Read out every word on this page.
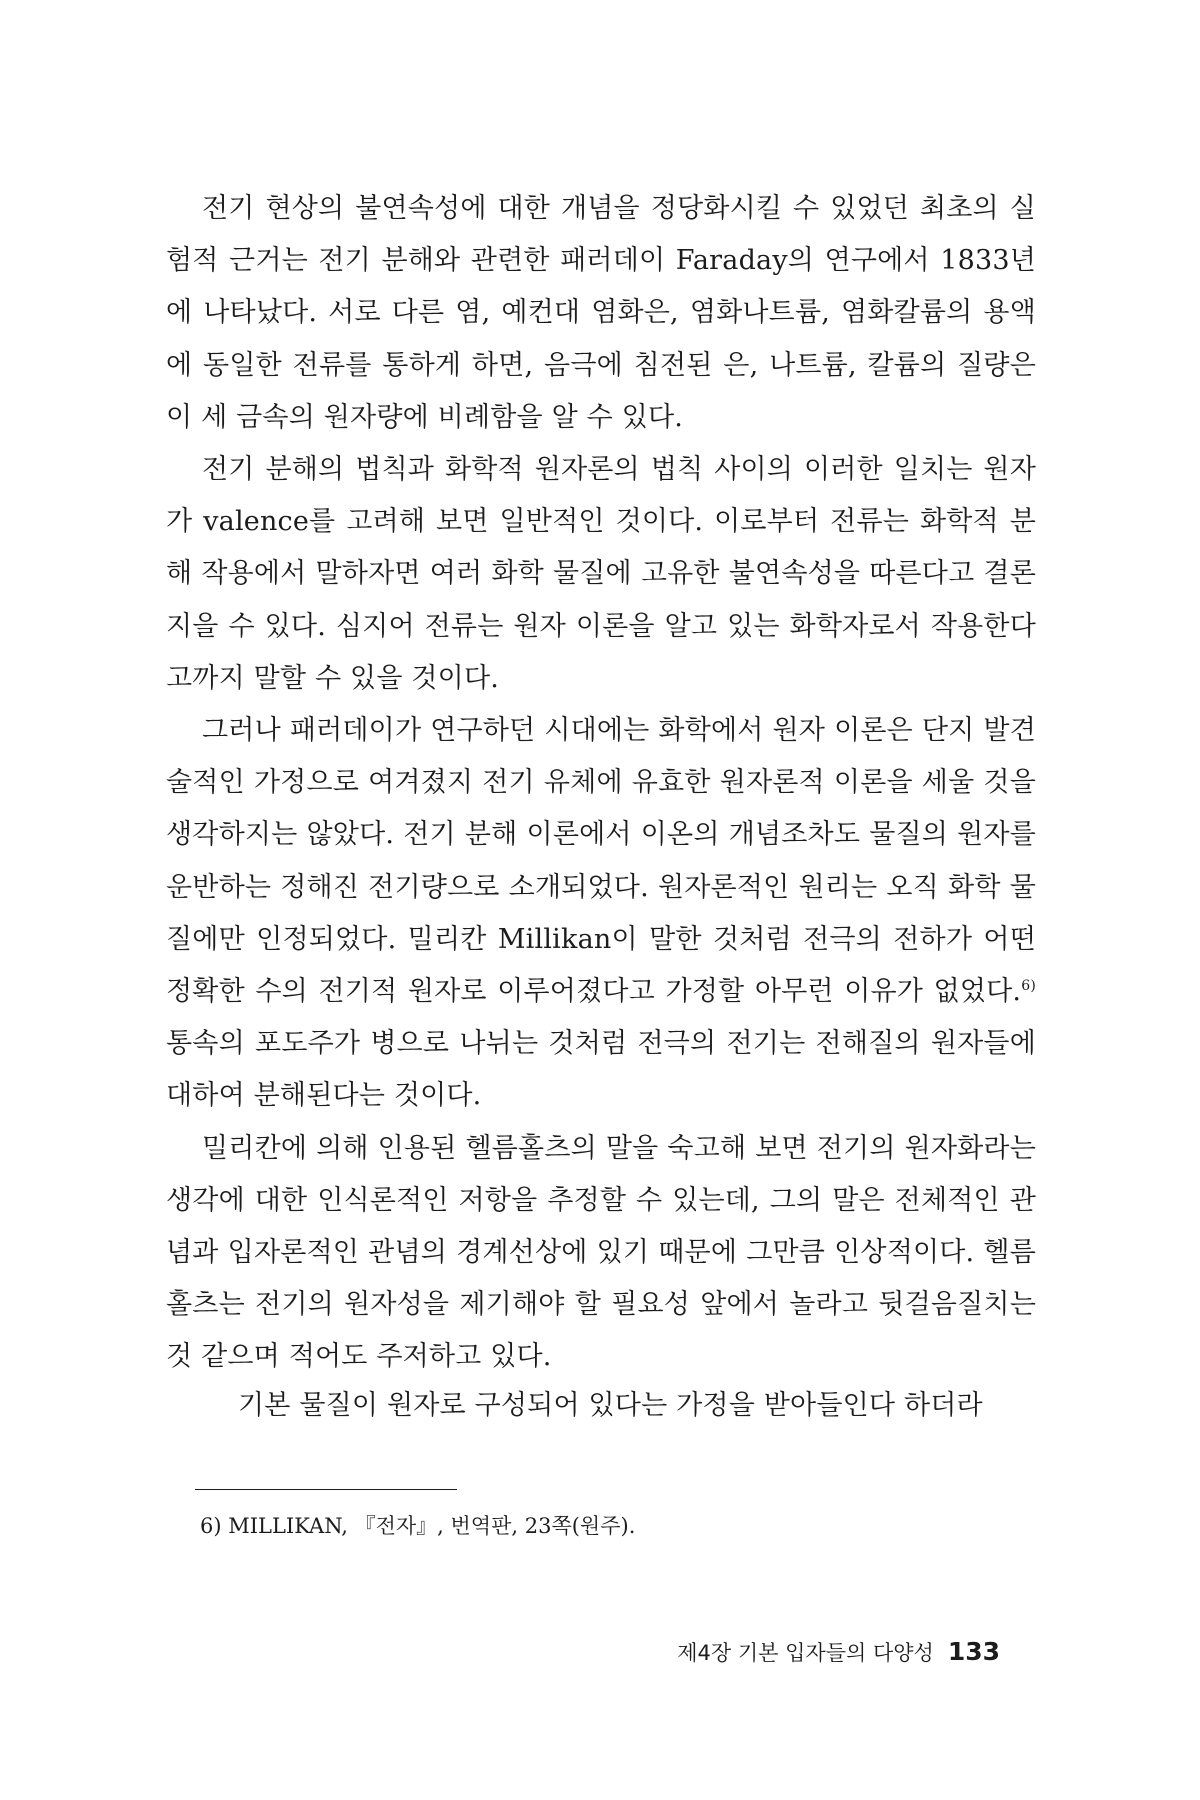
전기 현상의 불연속성에 대한 개념을 정당화시킬 수 있었던 최초의 실험적 근거는 전기 분해와 관련한 패러데이 Faraday의 연구에서 1833년에 나타났다. 서로 다른 염, 예컨대 염화은, 염화나트륨, 염화칼륨의 용액에 동일한 전류를 통하게 하면, 음극에 침전된 은, 나트륨, 칼륨의 질량은 이 세 금속의 원자량에 비례함을 알 수 있다.

전기 분해의 법칙과 화학적 원자론의 법칙 사이의 이러한 일치는 원자가 valence를 고려해 보면 일반적인 것이다. 이로부터 전류는 화학적 분해 작용에서 말하자면 여러 화학 물질에 고유한 불연속성을 따른다고 결론지을 수 있다. 심지어 전류는 원자 이론을 알고 있는 화학자로서 작용한다고까지 말할 수 있을 것이다.

그러나 패러데이가 연구하던 시대에는 화학에서 원자 이론은 단지 발견술적인 가정으로 여겨졌지 전기 유체에 유효한 원자론적 이론을 세울 것을 생각하지는 않았다. 전기 분해 이론에서 이온의 개념조차도 물질의 원자를 운반하는 정해진 전기량으로 소개되었다. 원자론적인 원리는 오직 화학 물질에만 인정되었다. 밀리칸 Millikan이 말한 것처럼 전극의 전하가 어떤 정확한 수의 전기적 원자로 이루어졌다고 가정할 아무런 이유가 없었다.$^{6)}$ 통속의 포도주가 병으로 나뉘는 것처럼 전극의 전기는 전해질의 원자들에 대하여 분해된다는 것이다.

밀리칸에 의해 인용된 헬름홀츠의 말을 숙고해 보면 전기의 원자화라는 생각에 대한 인식론적인 저항을 추정할 수 있는데, 그의 말은 전체적인 관념과 입자론적인 관념의 경계선상에 있기 때문에 그만큼 인상적이다. 헬름홀츠는 전기의 원자성을 제기해야 할 필요성 앞에서 놀라고 뒷걸음질치는 것 같으며 적어도 주저하고 있다.

기본 물질이 원자로 구성되어 있다는 가정을 받아들인다 하더라

6) MILLIKAN, 『전자』, 번역판, 23쪽(원주).

제4장 기본 입자들의 다양성 133
